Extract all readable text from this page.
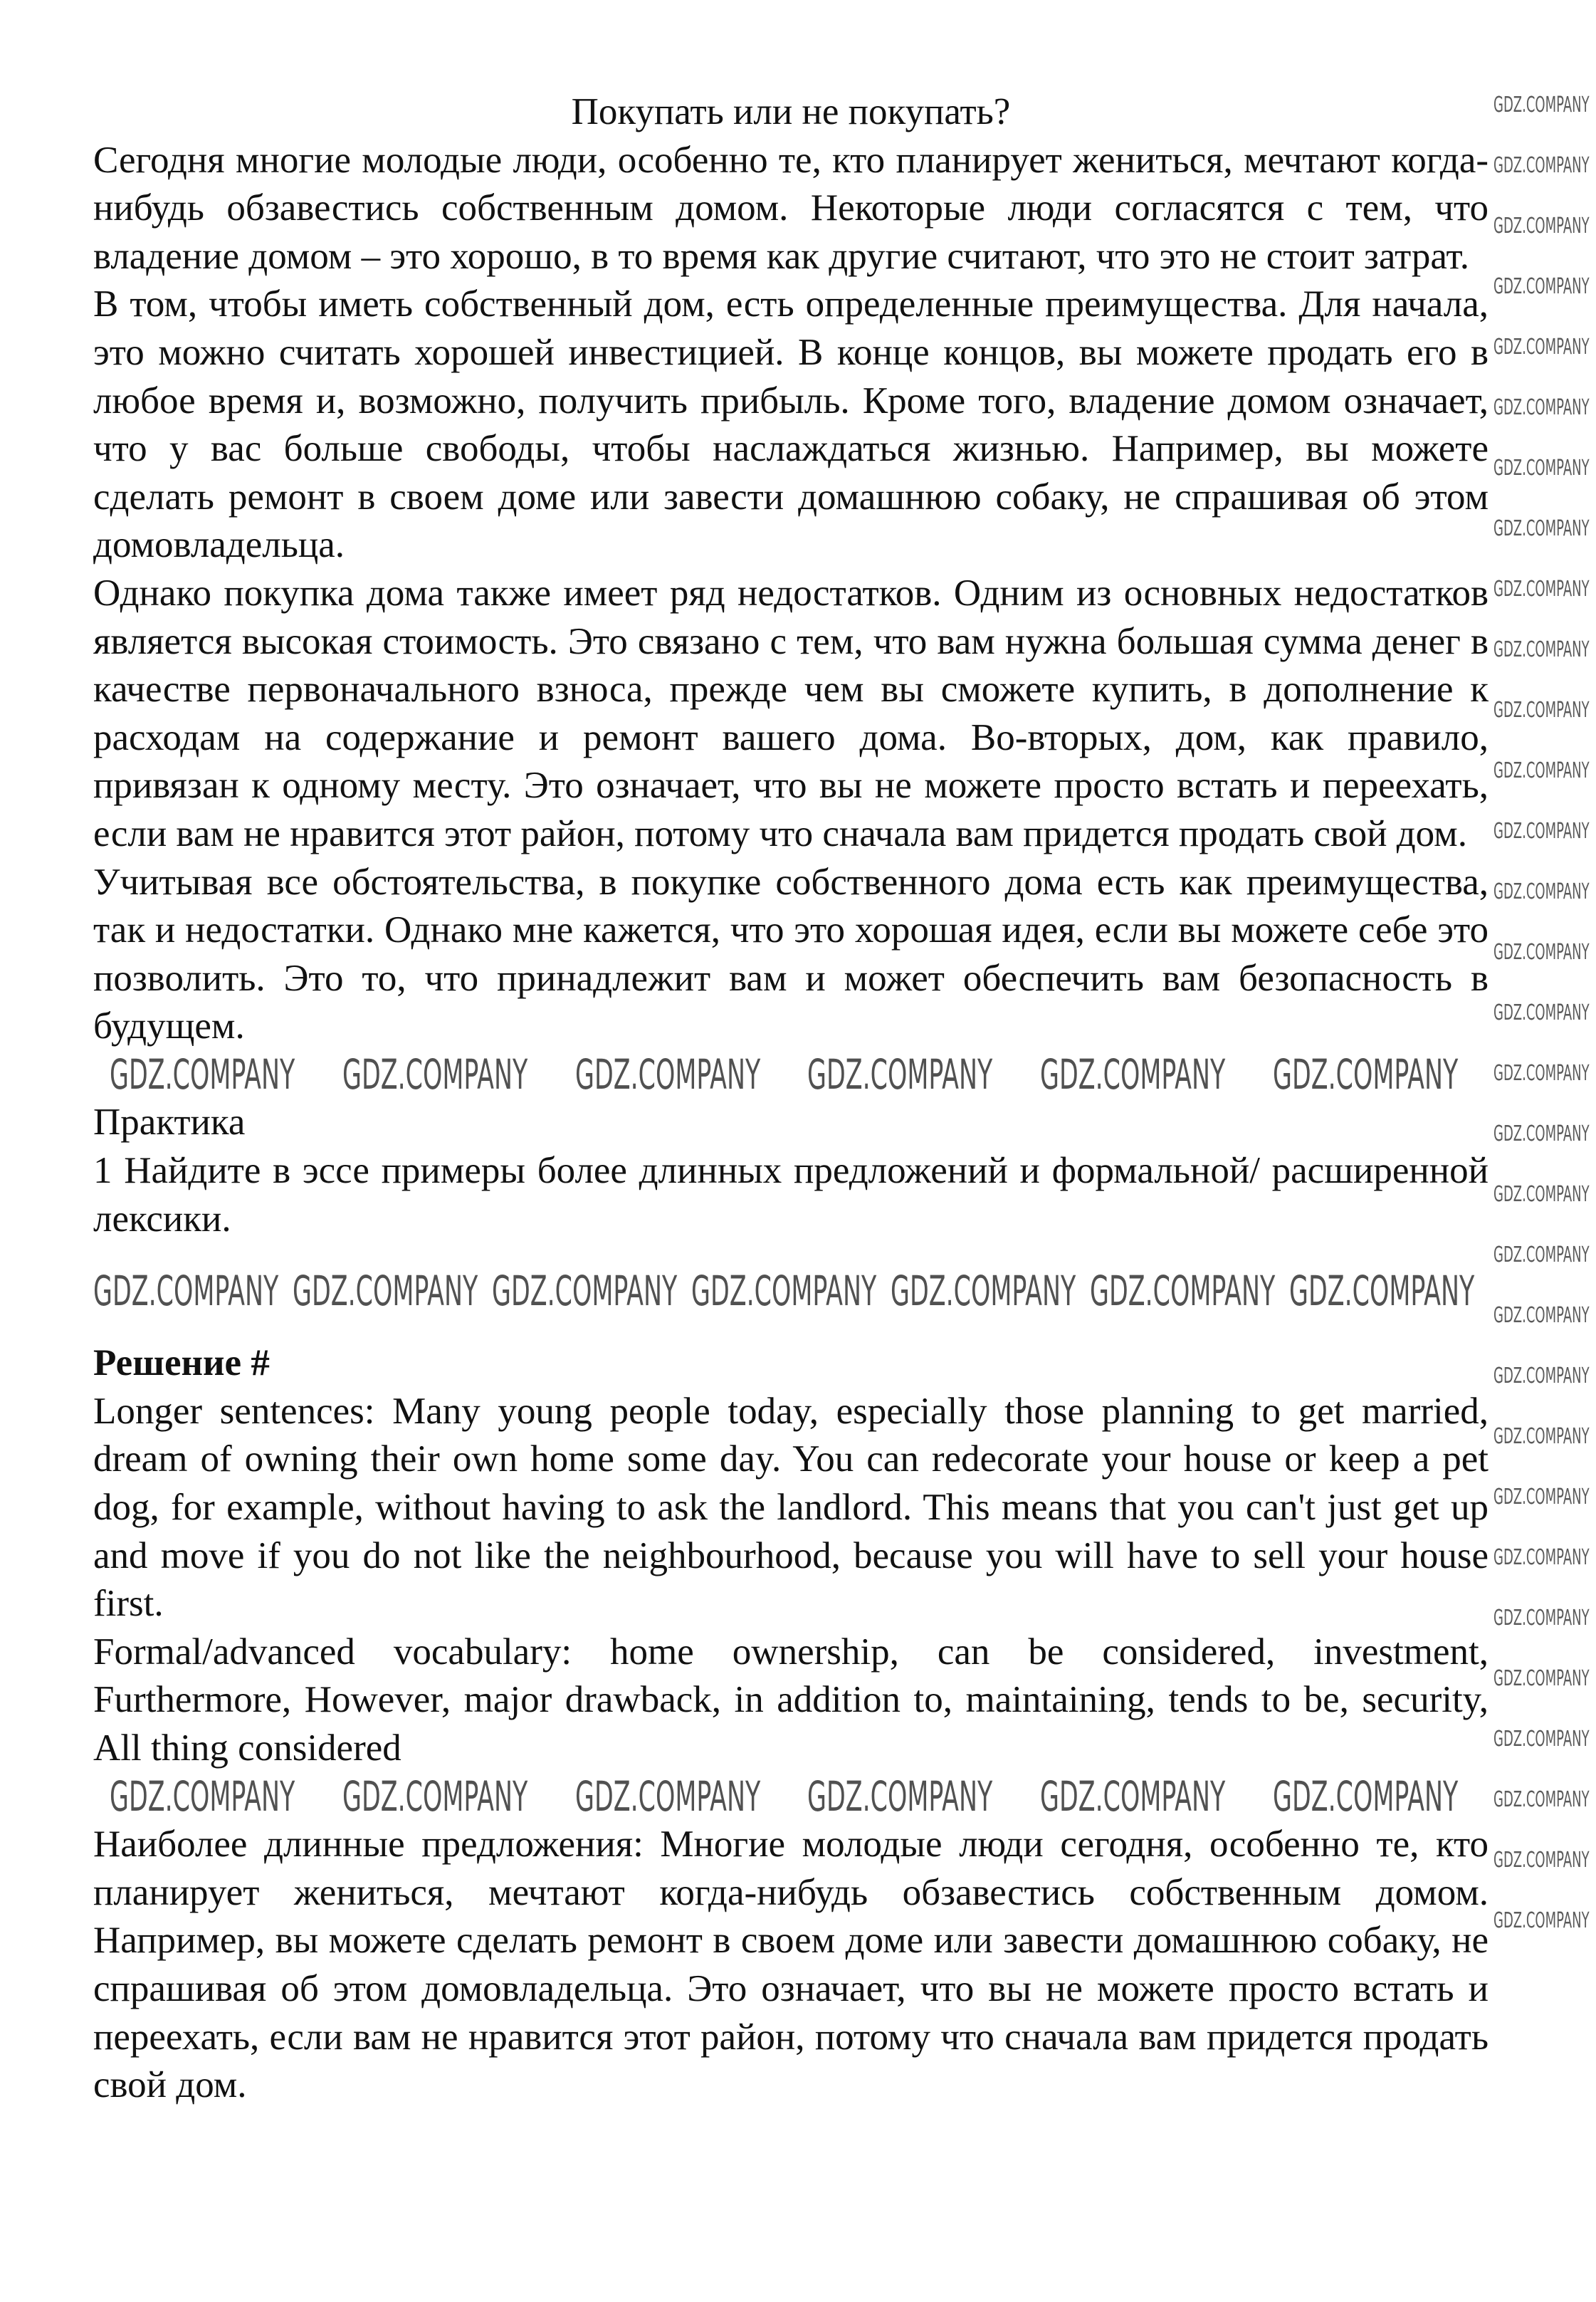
Покупать или не покупать?

Сегодня многие молодые люди, особенно те, кто планирует жениться, мечтают когда-нибудь обзавестись собственным домом. Некоторые люди согласятся с тем, что владение домом – это хорошо, в то время как другие считают, что это не стоит затрат.

В том, чтобы иметь собственный дом, есть определенные преимущества. Для начала, это можно считать хорошей инвестицией. В конце концов, вы можете продать его в любое время и, возможно, получить прибыль. Кроме того, владение домом означает, что у вас больше свободы, чтобы наслаждаться жизнью. Например, вы можете сделать ремонт в своем доме или завести домашнюю собаку, не спрашивая об этом домовладельца.

Однако покупка дома также имеет ряд недостатков. Одним из основных недостатков является высокая стоимость. Это связано с тем, что вам нужна большая сумма денег в качестве первоначального взноса, прежде чем вы сможете купить, в дополнение к расходам на содержание и ремонт вашего дома. Во-вторых, дом, как правило, привязан к одному месту. Это означает, что вы не можете просто встать и переехать, если вам не нравится этот район, потому что сначала вам придется продать свой дом.

Учитывая все обстоятельства, в покупке собственного дома есть как преимущества, так и недостатки. Однако мне кажется, что это хорошая идея, если вы можете себе это позволить. Это то, что принадлежит вам и может обеспечить вам безопасность в будущем.

GDZ.COMPANY GDZ.COMPANY GDZ.COMPANY GDZ.COMPANY GDZ.COMPANY GDZ.COMPANY

Практика

1 Найдите в эссе примеры более длинных предложений и формальной/ расширенной лексики.

GDZ.COMPANY GDZ.COMPANY GDZ.COMPANY GDZ.COMPANY GDZ.COMPANY GDZ.COMPANY GDZ.COMPANY

Решение #

Longer sentences: Many young people today, especially those planning to get married, dream of owning their own home some day. You can redecorate your house or keep a pet dog, for example, without having to ask the landlord. This means that you can't just get up and move if you do not like the neighbourhood, because you will have to sell your house first.

Formal/advanced vocabulary: home ownership, can be considered, investment, Furthermore, However, major drawback, in addition to, maintaining, tends to be, security, All thing considered

GDZ.COMPANY GDZ.COMPANY GDZ.COMPANY GDZ.COMPANY GDZ.COMPANY GDZ.COMPANY

Наиболее длинные предложения: Многие молодые люди сегодня, особенно те, кто планирует жениться, мечтают когда-нибудь обзавестись собственным домом. Например, вы можете сделать ремонт в своем доме или завести домашнюю собаку, не спрашивая об этом домовладельца. Это означает, что вы не можете просто встать и переехать, если вам не нравится этот район, потому что сначала вам придется продать свой дом.

GDZ.COMPANY
GDZ.COMPANY
GDZ.COMPANY
GDZ.COMPANY
GDZ.COMPANY
GDZ.COMPANY
GDZ.COMPANY
GDZ.COMPANY
GDZ.COMPANY
GDZ.COMPANY
GDZ.COMPANY
GDZ.COMPANY
GDZ.COMPANY
GDZ.COMPANY
GDZ.COMPANY
GDZ.COMPANY
GDZ.COMPANY
GDZ.COMPANY
GDZ.COMPANY
GDZ.COMPANY
GDZ.COMPANY
GDZ.COMPANY
GDZ.COMPANY
GDZ.COMPANY
GDZ.COMPANY
GDZ.COMPANY
GDZ.COMPANY
GDZ.COMPANY
GDZ.COMPANY
GDZ.COMPANY
GDZ.COMPANY
